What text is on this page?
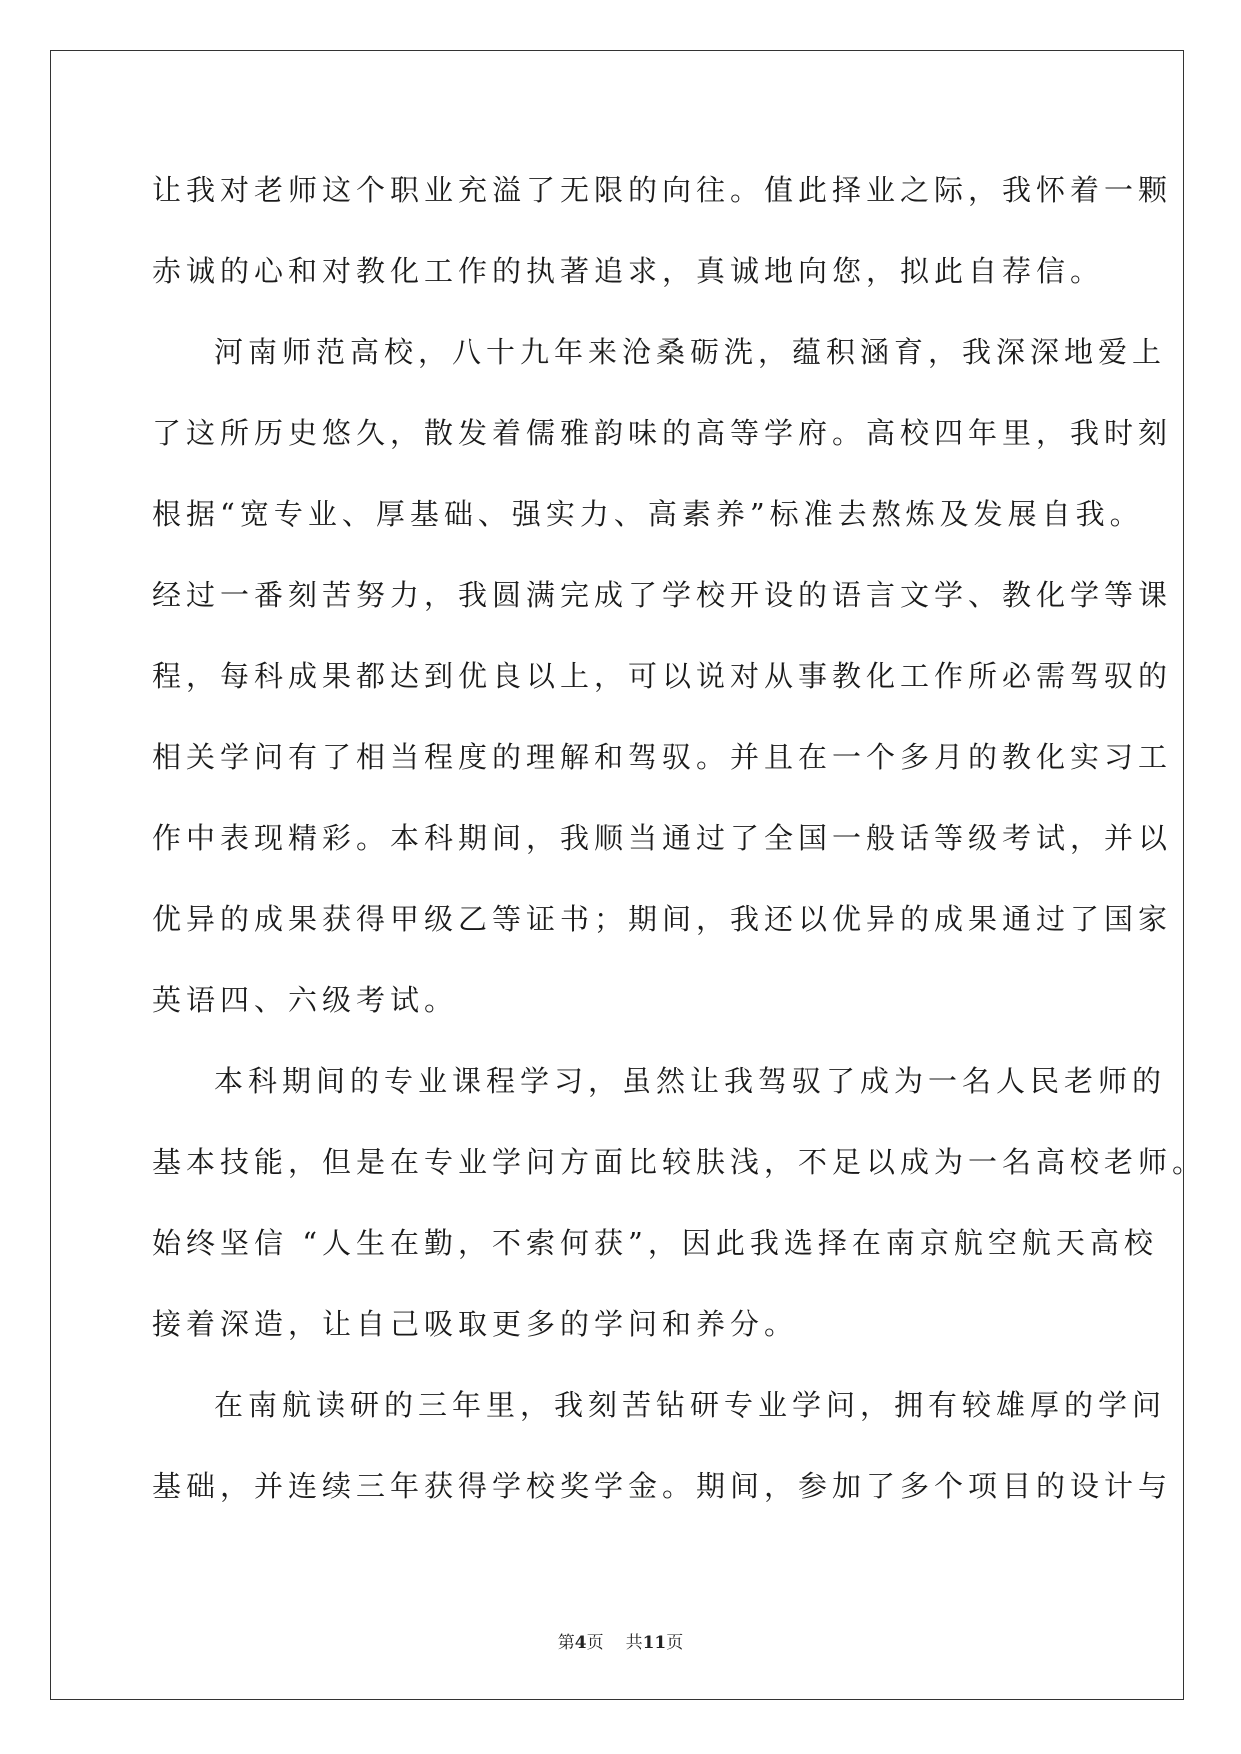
让我对老师这个职业充溢了无限的向往。值此择业之际，我怀着一颗
赤诚的心和对教化工作的执著追求，真诚地向您，拟此自荐信。
河南师范高校，八十九年来沧桑砺洗，蕴积涵育，我深深地爱上
了这所历史悠久，散发着儒雅韵味的高等学府。高校四年里，我时刻
根据“宽专业、厚基础、强实力、高素养”标准去熬炼及发展自我。
经过一番刻苦努力，我圆满完成了学校开设的语言文学、教化学等课
程，每科成果都达到优良以上，可以说对从事教化工作所必需驾驭的
相关学问有了相当程度的理解和驾驭。并且在一个多月的教化实习工
作中表现精彩。本科期间，我顺当通过了全国一般话等级考试，并以
优异的成果获得甲级乙等证书；期间，我还以优异的成果通过了国家
英语四、六级考试。
本科期间的专业课程学习，虽然让我驾驭了成为一名人民老师的
基本技能，但是在专业学问方面比较肤浅，不足以成为一名高校老师。
始终坚信 “人生在勤，不索何获”，因此我选择在南京航空航天高校
接着深造，让自己吸取更多的学问和养分。
在南航读研的三年里，我刻苦钻研专业学问，拥有较雄厚的学问
基础，并连续三年获得学校奖学金。期间，参加了多个项目的设计与
第4页 共11页
